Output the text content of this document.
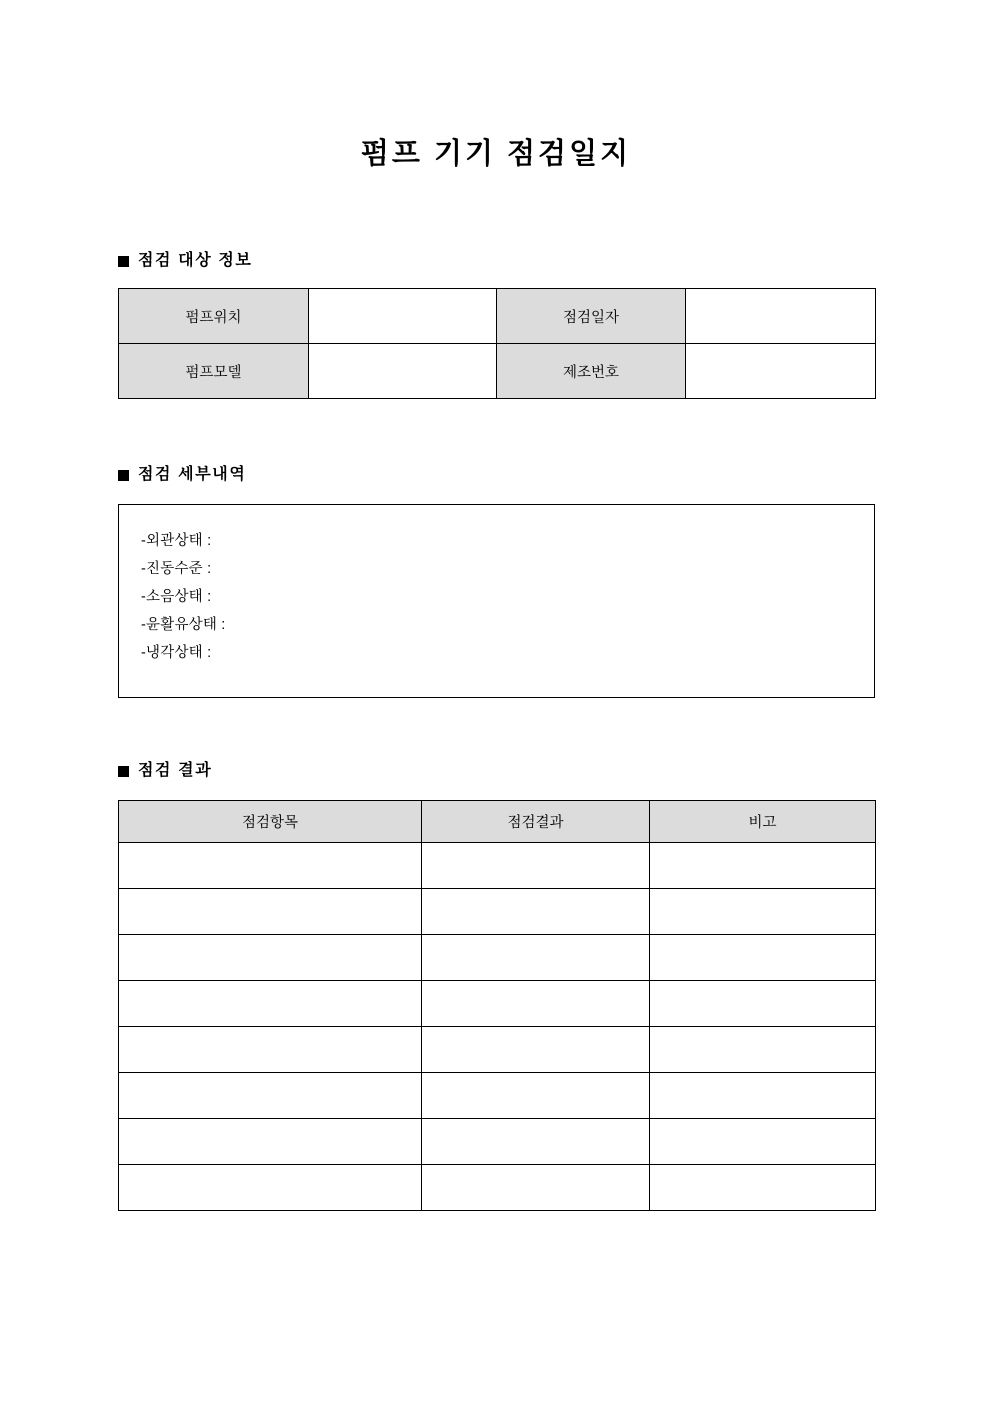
펌프 기기 점검일지
점검 대상 정보
펌프위치		점검일자	
펌프모델		제조번호	
점검 세부내역
-외관상태 :
-진동수준 :
-소음상태 :
-윤활유상태 :
-냉각상태 :
점검 결과
점검항목	점검결과	비고
